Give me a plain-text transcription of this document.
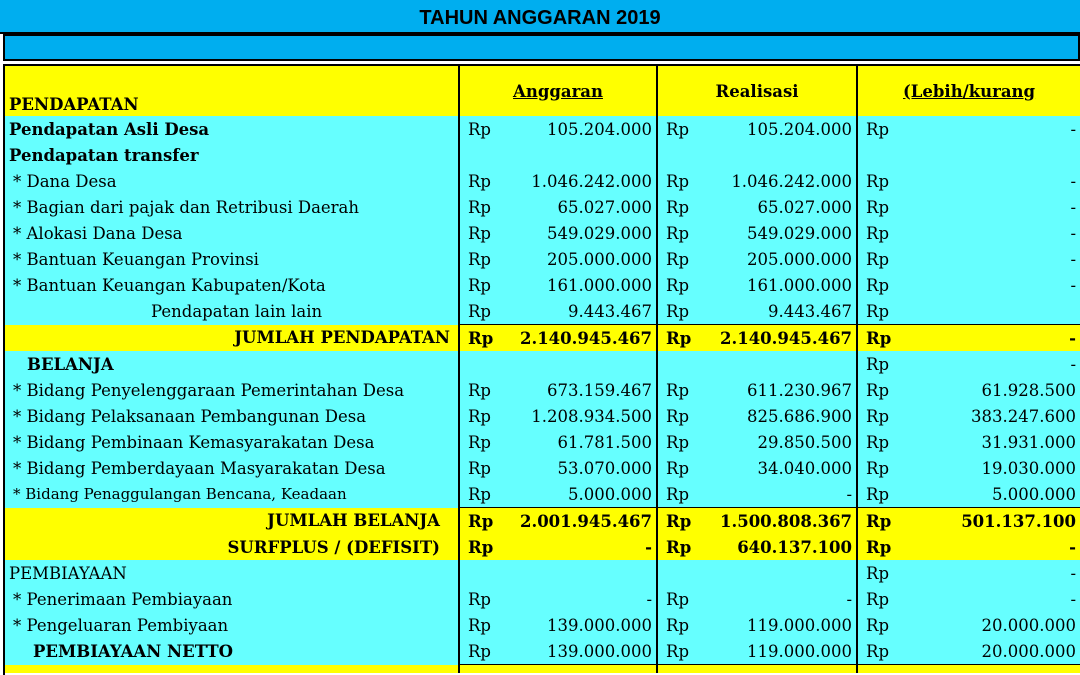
TAHUN ANGGARAN 2019
PENDAPATAN	Anggaran		Realisasi		(Lebih/kurang	
Pendapatan Asli Desa	Rp	105.204.000	Rp	105.204.000	Rp	-
Pendapatan transfer						
* Dana Desa	Rp	1.046.242.000	Rp	1.046.242.000	Rp	-
* Bagian dari pajak dan Retribusi Daerah	Rp	65.027.000	Rp	65.027.000	Rp	-
* Alokasi Dana Desa	Rp	549.029.000	Rp	549.029.000	Rp	-
* Bantuan Keuangan Provinsi	Rp	205.000.000	Rp	205.000.000	Rp	-
* Bantuan Keuangan Kabupaten/Kota	Rp	161.000.000	Rp	161.000.000	Rp	-
Pendapatan lain lain	Rp	9.443.467	Rp	9.443.467	Rp	
JUMLAH PENDAPATAN	Rp	2.140.945.467	Rp	2.140.945.467	Rp	-
BELANJA					Rp	-
* Bidang Penyelenggaraan Pemerintahan Desa	Rp	673.159.467	Rp	611.230.967	Rp	61.928.500
* Bidang Pelaksanaan Pembangunan Desa	Rp	1.208.934.500	Rp	825.686.900	Rp	383.247.600
* Bidang Pembinaan Kemasyarakatan Desa	Rp	61.781.500	Rp	29.850.500	Rp	31.931.000
* Bidang Pemberdayaan Masyarakatan Desa	Rp	53.070.000	Rp	34.040.000	Rp	19.030.000
* Bidang Penaggulangan Bencana, Keadaan	Rp	5.000.000	Rp	-	Rp	5.000.000
JUMLAH BELANJA	Rp	2.001.945.467	Rp	1.500.808.367	Rp	501.137.100
SURFPLUS / (DEFISIT)	Rp	-	Rp	640.137.100	Rp	-
PEMBIAYAAN					Rp	-
* Penerimaan Pembiayaan	Rp	-	Rp	-	Rp	-
* Pengeluaran Pembiyaan	Rp	139.000.000	Rp	119.000.000	Rp	20.000.000
PEMBIAYAAN NETTO	Rp	139.000.000	Rp	119.000.000	Rp	20.000.000
